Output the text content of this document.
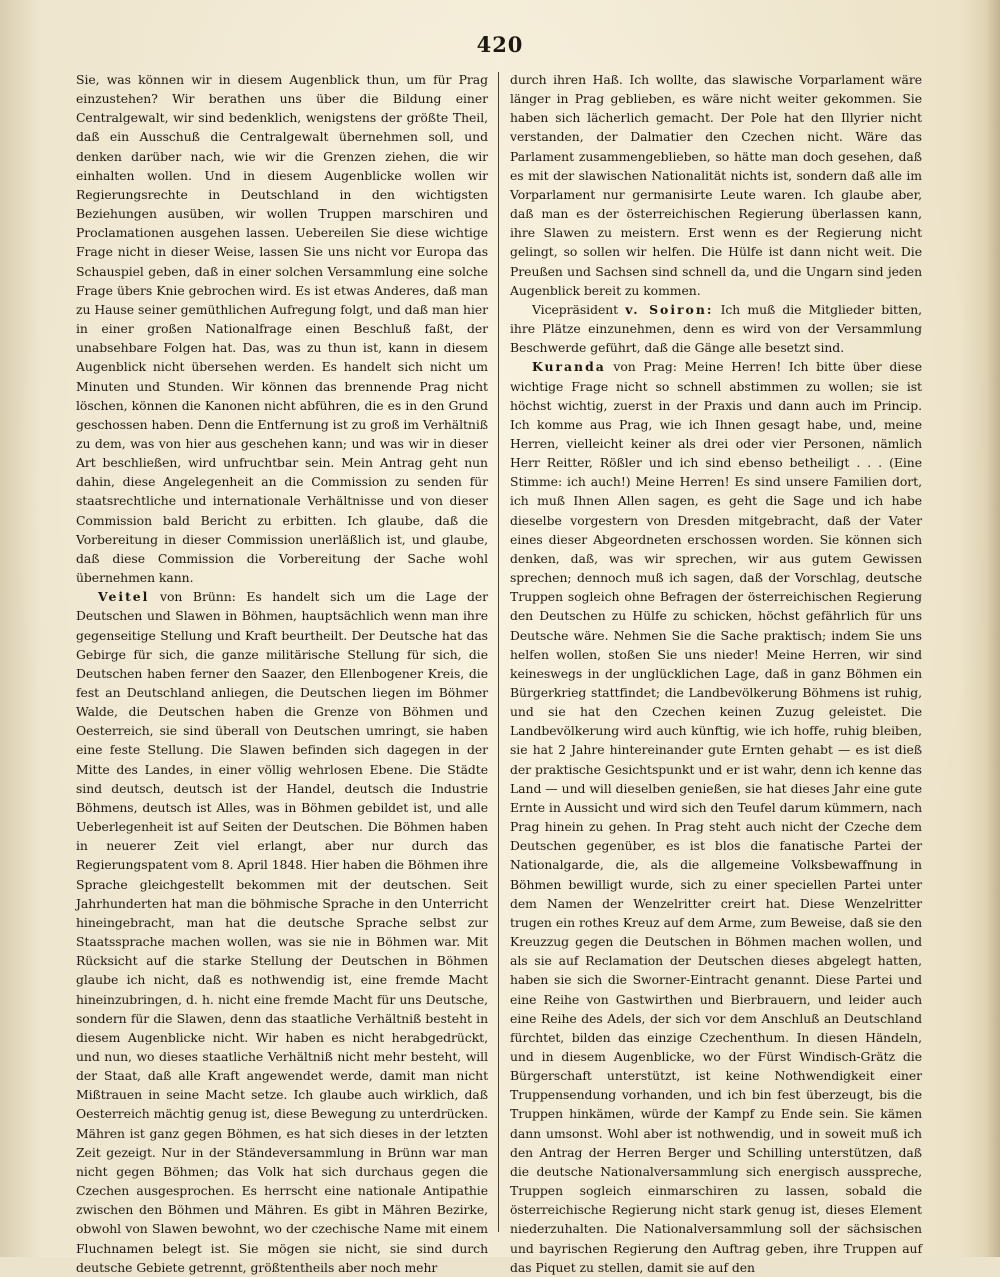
420

Sie, was können wir in diesem Augenblick thun, um für Prag einzustehen? Wir berathen uns über die Bildung einer Centralgewalt, wir sind bedenklich, wenigstens der größte Theil, daß ein Ausschuß die Centralgewalt übernehmen soll, und denken darüber nach, wie wir die Grenzen ziehen, die wir einhalten wollen. Und in diesem Augenblicke wollen wir Regierungsrechte in Deutschland in den wichtigsten Beziehungen ausüben, wir wollen Truppen marschiren und Proclamationen ausgehen lassen. Uebereilen Sie diese wichtige Frage nicht in dieser Weise, lassen Sie uns nicht vor Europa das Schauspiel geben, daß in einer solchen Versammlung eine solche Frage übers Knie gebrochen wird. Es ist etwas Anderes, daß man zu Hause seiner gemüthlichen Aufregung folgt, und daß man hier in einer großen Nationalfrage einen Beschluß faßt, der unabsehbare Folgen hat. Das, was zu thun ist, kann in diesem Augenblick nicht übersehen werden. Es handelt sich nicht um Minuten und Stunden. Wir können das brennende Prag nicht löschen, können die Kanonen nicht abführen, die es in den Grund geschossen haben. Denn die Entfernung ist zu groß im Verhältniß zu dem, was von hier aus geschehen kann; und was wir in dieser Art beschließen, wird unfruchtbar sein. Mein Antrag geht nun dahin, diese Angelegenheit an die Commission zu senden für staatsrechtliche und internationale Verhältnisse und von dieser Commission bald Bericht zu erbitten. Ich glaube, daß die Vorbereitung in dieser Commission unerläßlich ist, und glaube, daß diese Commission die Vorbereitung der Sache wohl übernehmen kann.

Veitel von Brünn: Es handelt sich um die Lage der Deutschen und Slawen in Böhmen, hauptsächlich wenn man ihre gegenseitige Stellung und Kraft beurtheilt. Der Deutsche hat das Gebirge für sich, die ganze militärische Stellung für sich, die Deutschen haben ferner den Saazer, den Ellenbogener Kreis, die fest an Deutschland anliegen, die Deutschen liegen im Böhmer Walde, die Deutschen haben die Grenze von Böhmen und Oesterreich, sie sind überall von Deutschen umringt, sie haben eine feste Stellung. Die Slawen befinden sich dagegen in der Mitte des Landes, in einer völlig wehrlosen Ebene. Die Städte sind deutsch, deutsch ist der Handel, deutsch die Industrie Böhmens, deutsch ist Alles, was in Böhmen gebildet ist, und alle Ueberlegenheit ist auf Seiten der Deutschen. Die Böhmen haben in neuerer Zeit viel erlangt, aber nur durch das Regierungspatent vom 8. April 1848. Hier haben die Böhmen ihre Sprache gleichgestellt bekommen mit der deutschen. Seit Jahrhunderten hat man die böhmische Sprache in den Unterricht hineingebracht, man hat die deutsche Sprache selbst zur Staatssprache machen wollen, was sie nie in Böhmen war. Mit Rücksicht auf die starke Stellung der Deutschen in Böhmen glaube ich nicht, daß es nothwendig ist, eine fremde Macht hineinzubringen, d. h. nicht eine fremde Macht für uns Deutsche, sondern für die Slawen, denn das staatliche Verhältniß besteht in diesem Augenblicke nicht. Wir haben es nicht herabgedrückt, und nun, wo dieses staatliche Verhältniß nicht mehr besteht, will der Staat, daß alle Kraft angewendet werde, damit man nicht Mißtrauen in seine Macht setze. Ich glaube auch wirklich, daß Oesterreich mächtig genug ist, diese Bewegung zu unterdrücken. Mähren ist ganz gegen Böhmen, es hat sich dieses in der letzten Zeit gezeigt. Nur in der Ständeversammlung in Brünn war man nicht gegen Böhmen; das Volk hat sich durchaus gegen die Czechen ausgesprochen. Es herrscht eine nationale Antipathie zwischen den Böhmen und Mähren. Es gibt in Mähren Bezirke, obwohl von Slawen bewohnt, wo der czechische Name mit einem Fluchnamen belegt ist. Sie mögen sie nicht, sie sind durch deutsche Gebiete getrennt, größtentheils aber noch mehr

durch ihren Haß. Ich wollte, das slawische Vorparlament wäre länger in Prag geblieben, es wäre nicht weiter gekommen. Sie haben sich lächerlich gemacht. Der Pole hat den Illyrier nicht verstanden, der Dalmatier den Czechen nicht. Wäre das Parlament zusammengeblieben, so hätte man doch gesehen, daß es mit der slawischen Nationalität nichts ist, sondern daß alle im Vorparlament nur germanisirte Leute waren. Ich glaube aber, daß man es der österreichischen Regierung überlassen kann, ihre Slawen zu meistern. Erst wenn es der Regierung nicht gelingt, so sollen wir helfen. Die Hülfe ist dann nicht weit. Die Preußen und Sachsen sind schnell da, und die Ungarn sind jeden Augenblick bereit zu kommen.

Vicepräsident v. Soiron: Ich muß die Mitglieder bitten, ihre Plätze einzunehmen, denn es wird von der Versammlung Beschwerde geführt, daß die Gänge alle besetzt sind.

Kuranda von Prag: Meine Herren! Ich bitte über diese wichtige Frage nicht so schnell abstimmen zu wollen; sie ist höchst wichtig, zuerst in der Praxis und dann auch im Princip. Ich komme aus Prag, wie ich Ihnen gesagt habe, und, meine Herren, vielleicht keiner als drei oder vier Personen, nämlich Herr Reitter, Rößler und ich sind ebenso betheiligt . . . (Eine Stimme: ich auch!) Meine Herren! Es sind unsere Familien dort, ich muß Ihnen Allen sagen, es geht die Sage und ich habe dieselbe vorgestern von Dresden mitgebracht, daß der Vater eines dieser Abgeordneten erschossen worden. Sie können sich denken, daß, was wir sprechen, wir aus gutem Gewissen sprechen; dennoch muß ich sagen, daß der Vorschlag, deutsche Truppen sogleich ohne Befragen der österreichischen Regierung den Deutschen zu Hülfe zu schicken, höchst gefährlich für uns Deutsche wäre. Nehmen Sie die Sache praktisch; indem Sie uns helfen wollen, stoßen Sie uns nieder! Meine Herren, wir sind keineswegs in der unglücklichen Lage, daß in ganz Böhmen ein Bürgerkrieg stattfindet; die Landbevölkerung Böhmens ist ruhig, und sie hat den Czechen keinen Zuzug geleistet. Die Landbevölkerung wird auch künftig, wie ich hoffe, ruhig bleiben, sie hat 2 Jahre hintereinander gute Ernten gehabt — es ist dieß der praktische Gesichtspunkt und er ist wahr, denn ich kenne das Land — und will dieselben genießen, sie hat dieses Jahr eine gute Ernte in Aussicht und wird sich den Teufel darum kümmern, nach Prag hinein zu gehen. In Prag steht auch nicht der Czeche dem Deutschen gegenüber, es ist blos die fanatische Partei der Nationalgarde, die, als die allgemeine Volksbewaffnung in Böhmen bewilligt wurde, sich zu einer speciellen Partei unter dem Namen der Wenzelritter creirt hat. Diese Wenzelritter trugen ein rothes Kreuz auf dem Arme, zum Beweise, daß sie den Kreuzzug gegen die Deutschen in Böhmen machen wollen, und als sie auf Reclamation der Deutschen dieses abgelegt hatten, haben sie sich die Sworner-Eintracht genannt. Diese Partei und eine Reihe von Gastwirthen und Bierbrauern, und leider auch eine Reihe des Adels, der sich vor dem Anschluß an Deutschland fürchtet, bilden das einzige Czechenthum. In diesen Händeln, und in diesem Augenblicke, wo der Fürst Windisch-Grätz die Bürgerschaft unterstützt, ist keine Nothwendigkeit einer Truppensendung vorhanden, und ich bin fest überzeugt, bis die Truppen hinkämen, würde der Kampf zu Ende sein. Sie kämen dann umsonst. Wohl aber ist nothwendig, und in soweit muß ich den Antrag der Herren Berger und Schilling unterstützen, daß die deutsche Nationalversammlung sich energisch ausspreche, Truppen sogleich einmarschiren zu lassen, sobald die österreichische Regierung nicht stark genug ist, dieses Element niederzuhalten. Die Nationalversammlung soll der sächsischen und bayrischen Regierung den Auftrag geben, ihre Truppen auf das Piquet zu stellen, damit sie auf den
